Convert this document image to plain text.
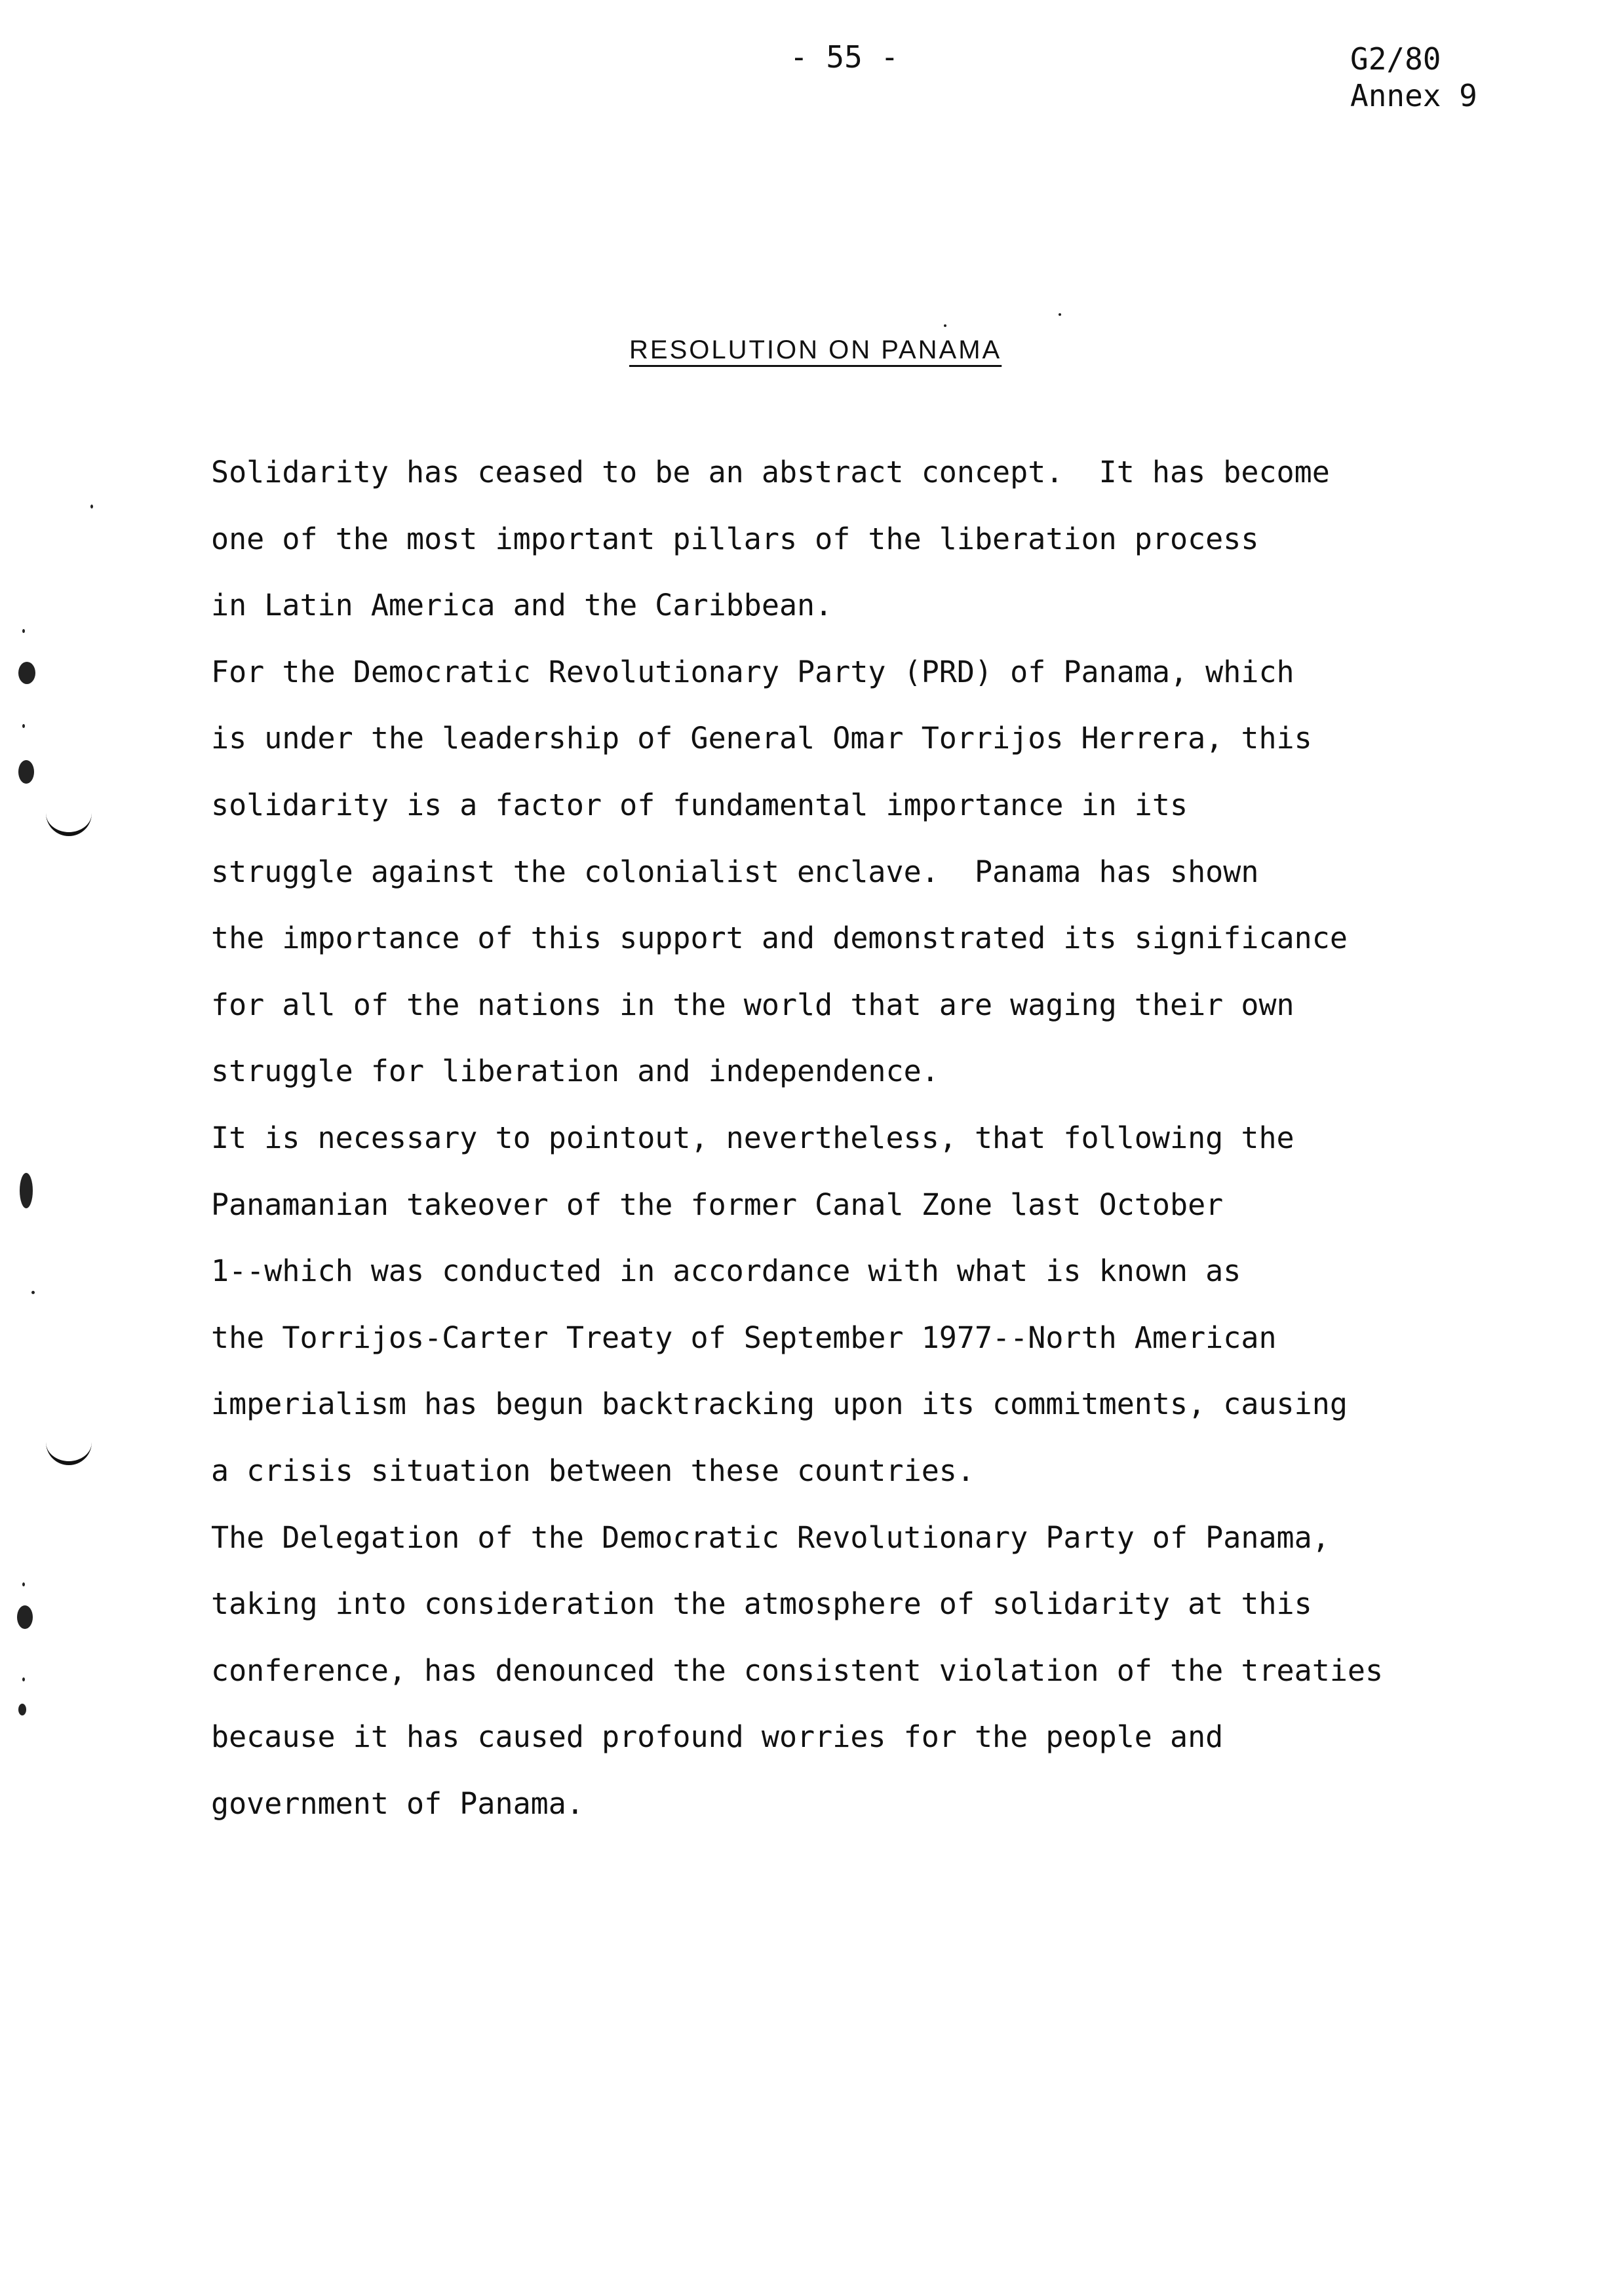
- 55 -	G2/80
Annex 9
RESOLUTION ON PANAMA
Solidarity has ceased to be an abstract concept.  It has become
one of the most important pillars of the liberation process
in Latin America and the Caribbean.
For the Democratic Revolutionary Party (PRD) of Panama, which
is under the leadership of General Omar Torrijos Herrera, this
solidarity is a factor of fundamental importance in its
struggle against the colonialist enclave.  Panama has shown
the importance of this support and demonstrated its significance
for all of the nations in the world that are waging their own
struggle for liberation and independence.
It is necessary to pointout, nevertheless, that following the
Panamanian takeover of the former Canal Zone last October
1--which was conducted in accordance with what is known as
the Torrijos-Carter Treaty of September 1977--North American
imperialism has begun backtracking upon its commitments, causing
a crisis situation between these countries.
The Delegation of the Democratic Revolutionary Party of Panama,
taking into consideration the atmosphere of solidarity at this
conference, has denounced the consistent violation of the treaties
because it has caused profound worries for the people and
government of Panama.
